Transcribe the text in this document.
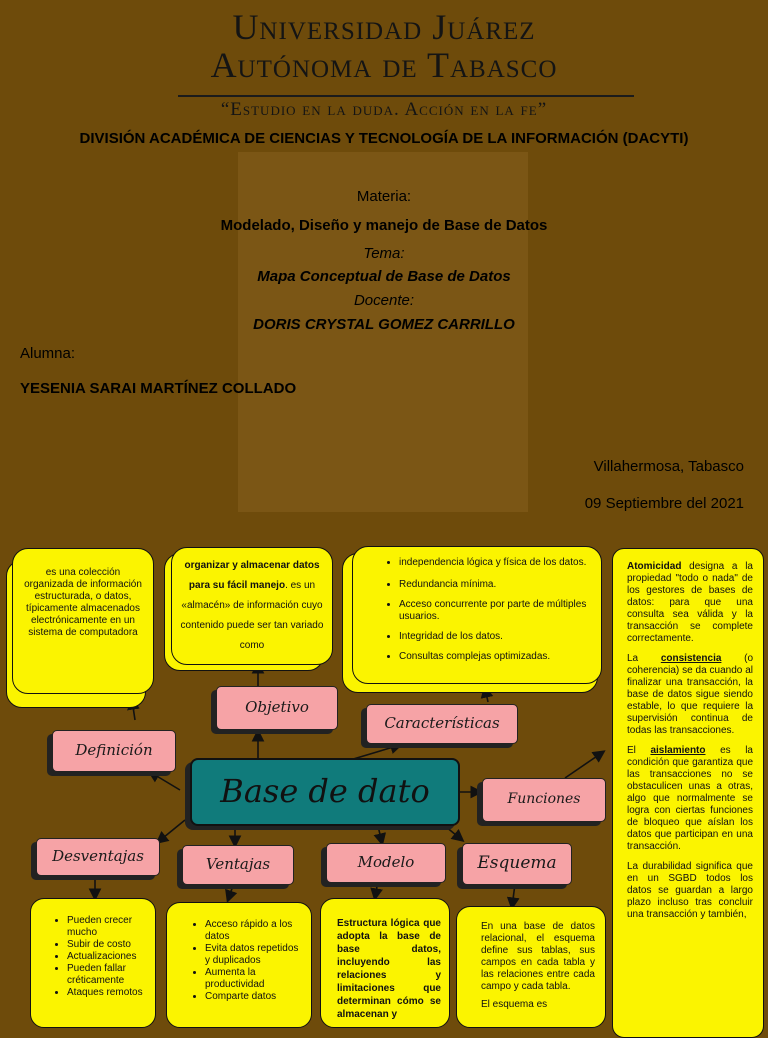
Universidad Juárez
Autónoma de Tabasco
“Estudio en la duda. Acción en la fe”
DIVISIÓN ACADÉMICA DE CIENCIAS Y TECNOLOGÍA DE LA INFORMACIÓN (DACYTI)
Materia:
Modelado, Diseño y manejo de Base de Datos
Tema:
Mapa Conceptual de Base de Datos
Docente:
DORIS CRYSTAL GOMEZ CARRILLO
Alumna:
YESENIA SARAI MARTÍNEZ COLLADO
Villahermosa, Tabasco
09 Septiembre del 2021
es una colección organizada de información estructurada, o datos, típicamente almacenados electrónicamente en un sistema de computadora
organizar y almacenar datos para su fácil manejo. es un «almacén» de información cuyo contenido puede ser tan variado como
• independencia lógica y física de los datos.
• Redundancia mínima.
• Acceso concurrente por parte de múltiples usuarios.
• Integridad de los datos.
• Consultas complejas optimizadas.

Atomicidad designa a la propiedad "todo o nada" de los gestores de bases de datos: para que una consulta sea válida y la transacción se complete correctamente.

La consistencia (o coherencia) se da cuando al finalizar una transacción, la base de datos sigue siendo estable, lo que requiere la supervisión continua de todas las transacciones.

El aislamiento es la condición que garantiza que las transacciones no se obstaculicen unas a otras, algo que normalmente se logra con ciertas funciones de bloqueo que aíslan los datos que participan en una transacción.

La durabilidad significa que en un SGBD todos los datos se guardan a largo plazo incluso tras concluir una transacción y también,

Definición
Objetivo
Características
Funciones
Desventajas	Ventajas	Modelo	Esquema
Base de dato
• Pueden crecer mucho
• Subir de costo
• Actualizaciones
• Pueden fallar créticamente
• Ataques remotos
• Acceso rápido a los datos
• Evita datos repetidos y duplicados
• Aumenta la productividad
• Comparte datos
Estructura lógica que adopta la base de base datos, incluyendo las relaciones y limitaciones que determinan cómo se almacenan y
En una base de datos relacional, el esquema define sus tablas, sus campos en cada tabla y las relaciones entre cada campo y cada tabla.
El esquema es
